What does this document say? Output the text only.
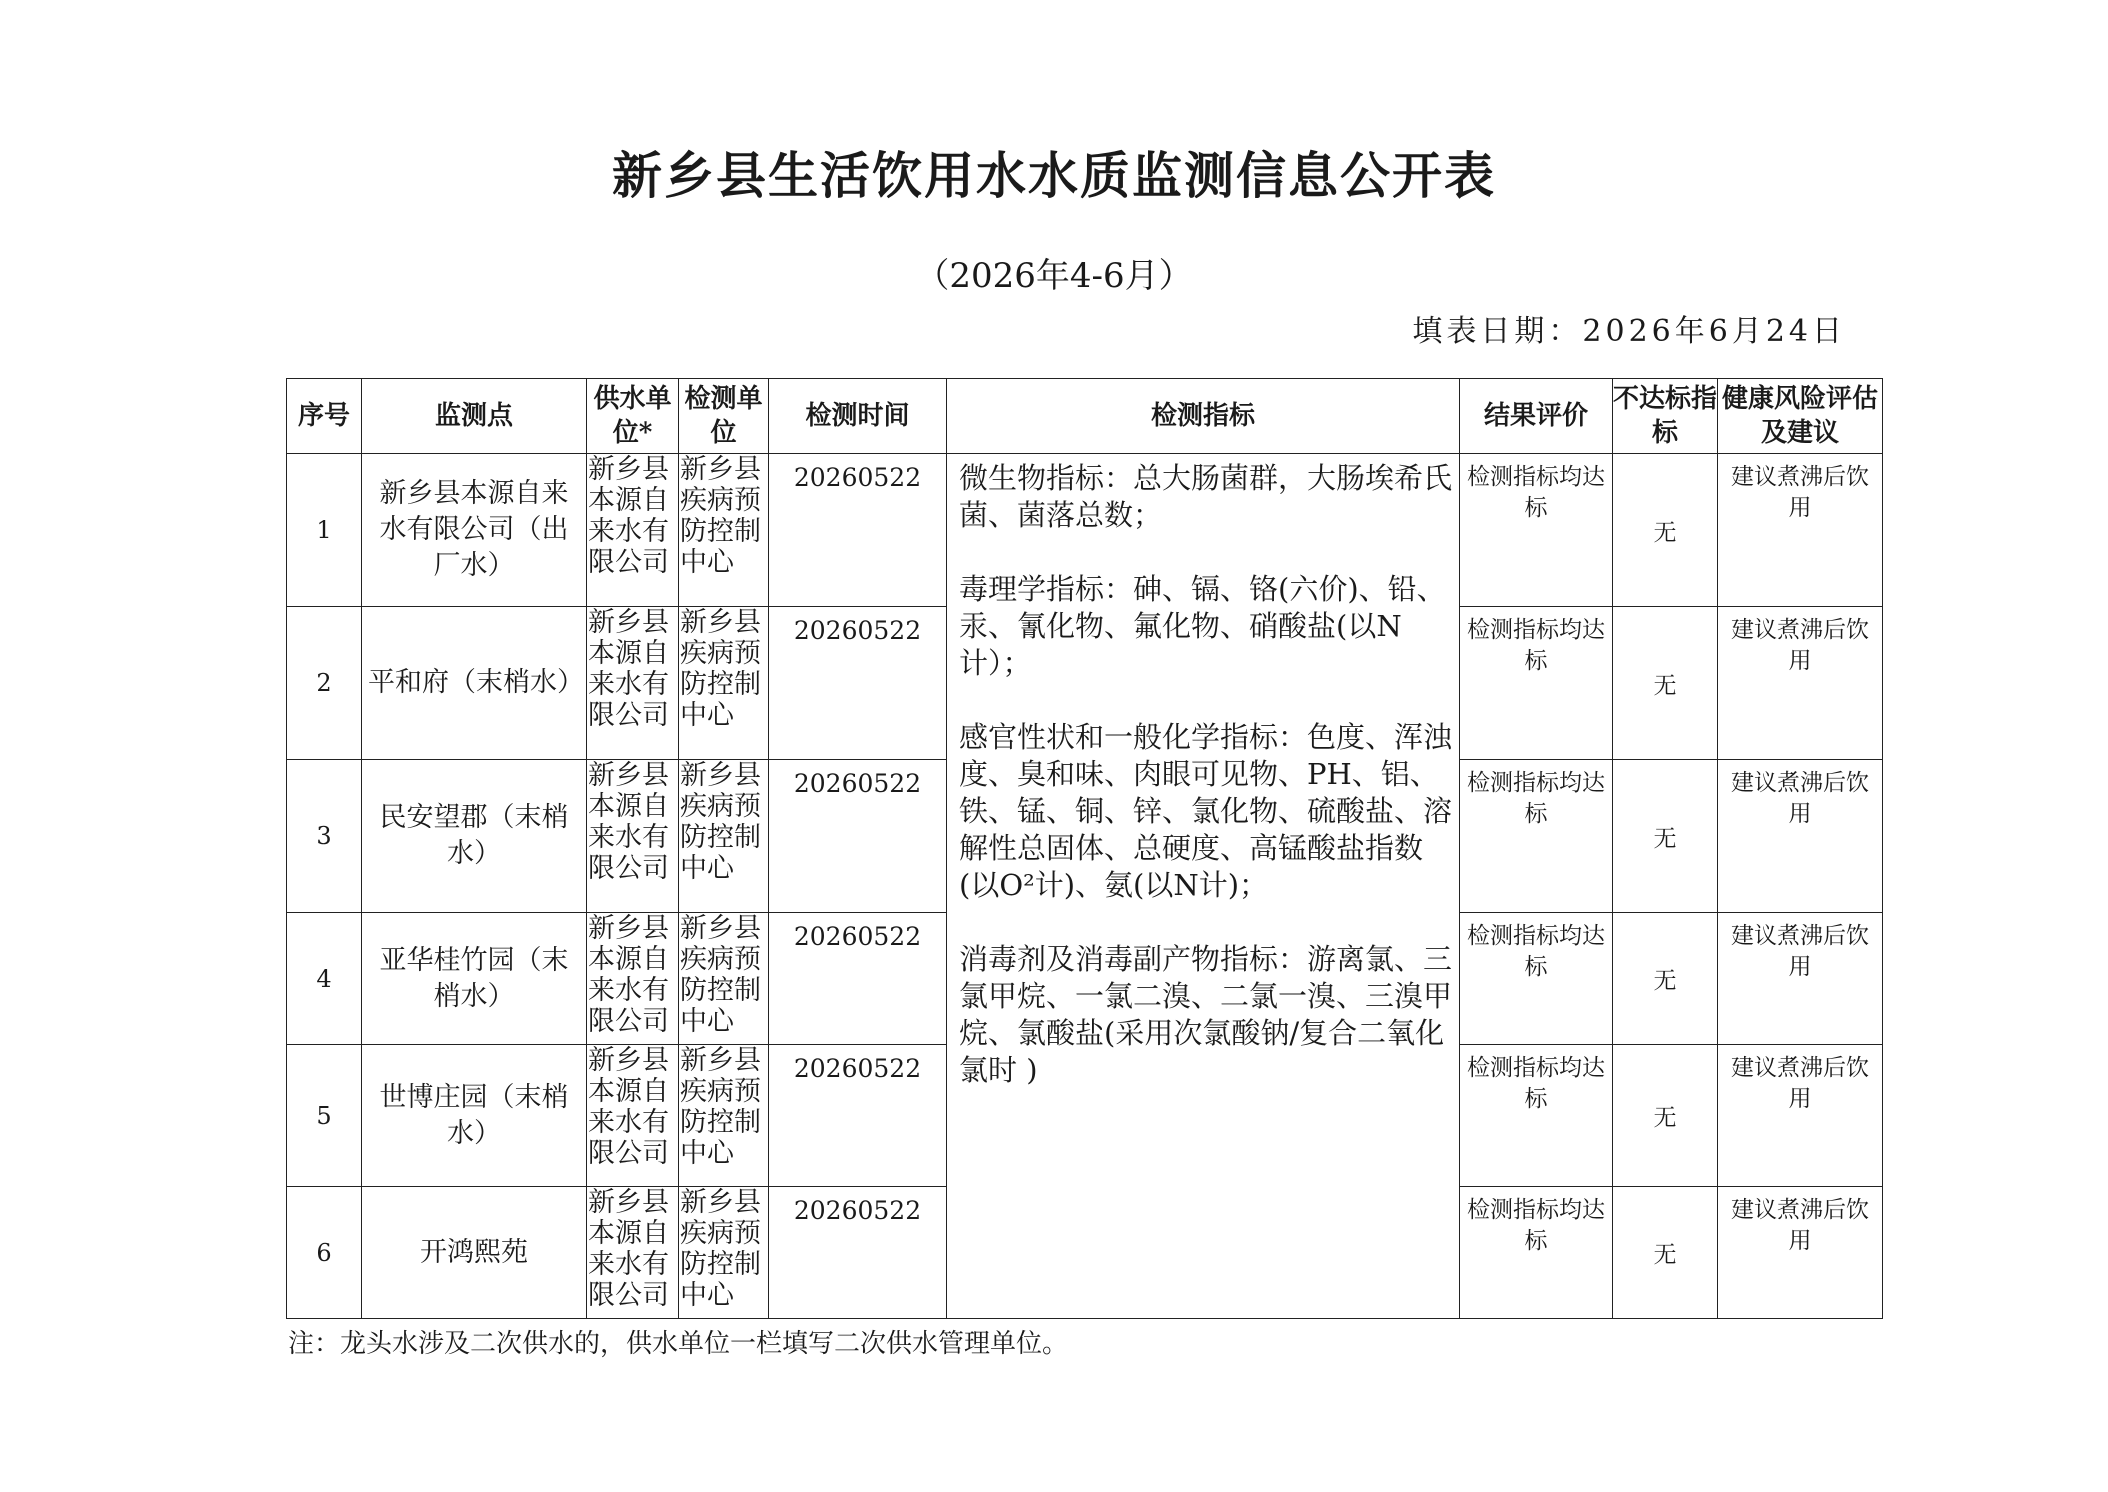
新乡县生活饮用水水质监测信息公开表
（2026年4-6月）
填表日期：2026年6月24日
序号	监测点	供水单位*	检测单位	检测时间	检测指标	结果评价	不达标指标	健康风险评估及建议
1	新乡县本源自来水有限公司（出厂水）	新乡县本源自来水有限公司	新乡县疾病预防控制中心	20260522	微生物指标：总大肠菌群，大肠埃希氏菌、菌落总数；

毒理学指标：砷、镉、铬(六价)、铅、汞、氰化物、氟化物、硝酸盐(以N计）；

感官性状和一般化学指标：色度、浑浊度、臭和味、肉眼可见物、PH、铝、铁、锰、铜、锌、氯化物、硫酸盐、溶解性总固体、总硬度、高锰酸盐指数(以O²计)、氨(以N计)；

消毒剂及消毒副产物指标：游离氯、三氯甲烷、一氯二溴、二氯一溴、三溴甲烷、氯酸盐(采用次氯酸钠/复合二氧化氯时 )	检测指标均达标	无	建议煮沸后饮用
2	平和府（末梢水）	新乡县本源自来水有限公司	新乡县疾病预防控制中心	20260522		检测指标均达标	无	建议煮沸后饮用
3	民安望郡（末梢水）	新乡县本源自来水有限公司	新乡县疾病预防控制中心	20260522		检测指标均达标	无	建议煮沸后饮用
4	亚华桂竹园（末梢水）	新乡县本源自来水有限公司	新乡县疾病预防控制中心	20260522		检测指标均达标	无	建议煮沸后饮用
5	世博庄园（末梢水）	新乡县本源自来水有限公司	新乡县疾病预防控制中心	20260522		检测指标均达标	无	建议煮沸后饮用
6	开鸿熙苑	新乡县本源自来水有限公司	新乡县疾病预防控制中心	20260522		检测指标均达标	无	建议煮沸后饮用
注：龙头水涉及二次供水的，供水单位一栏填写二次供水管理单位。
